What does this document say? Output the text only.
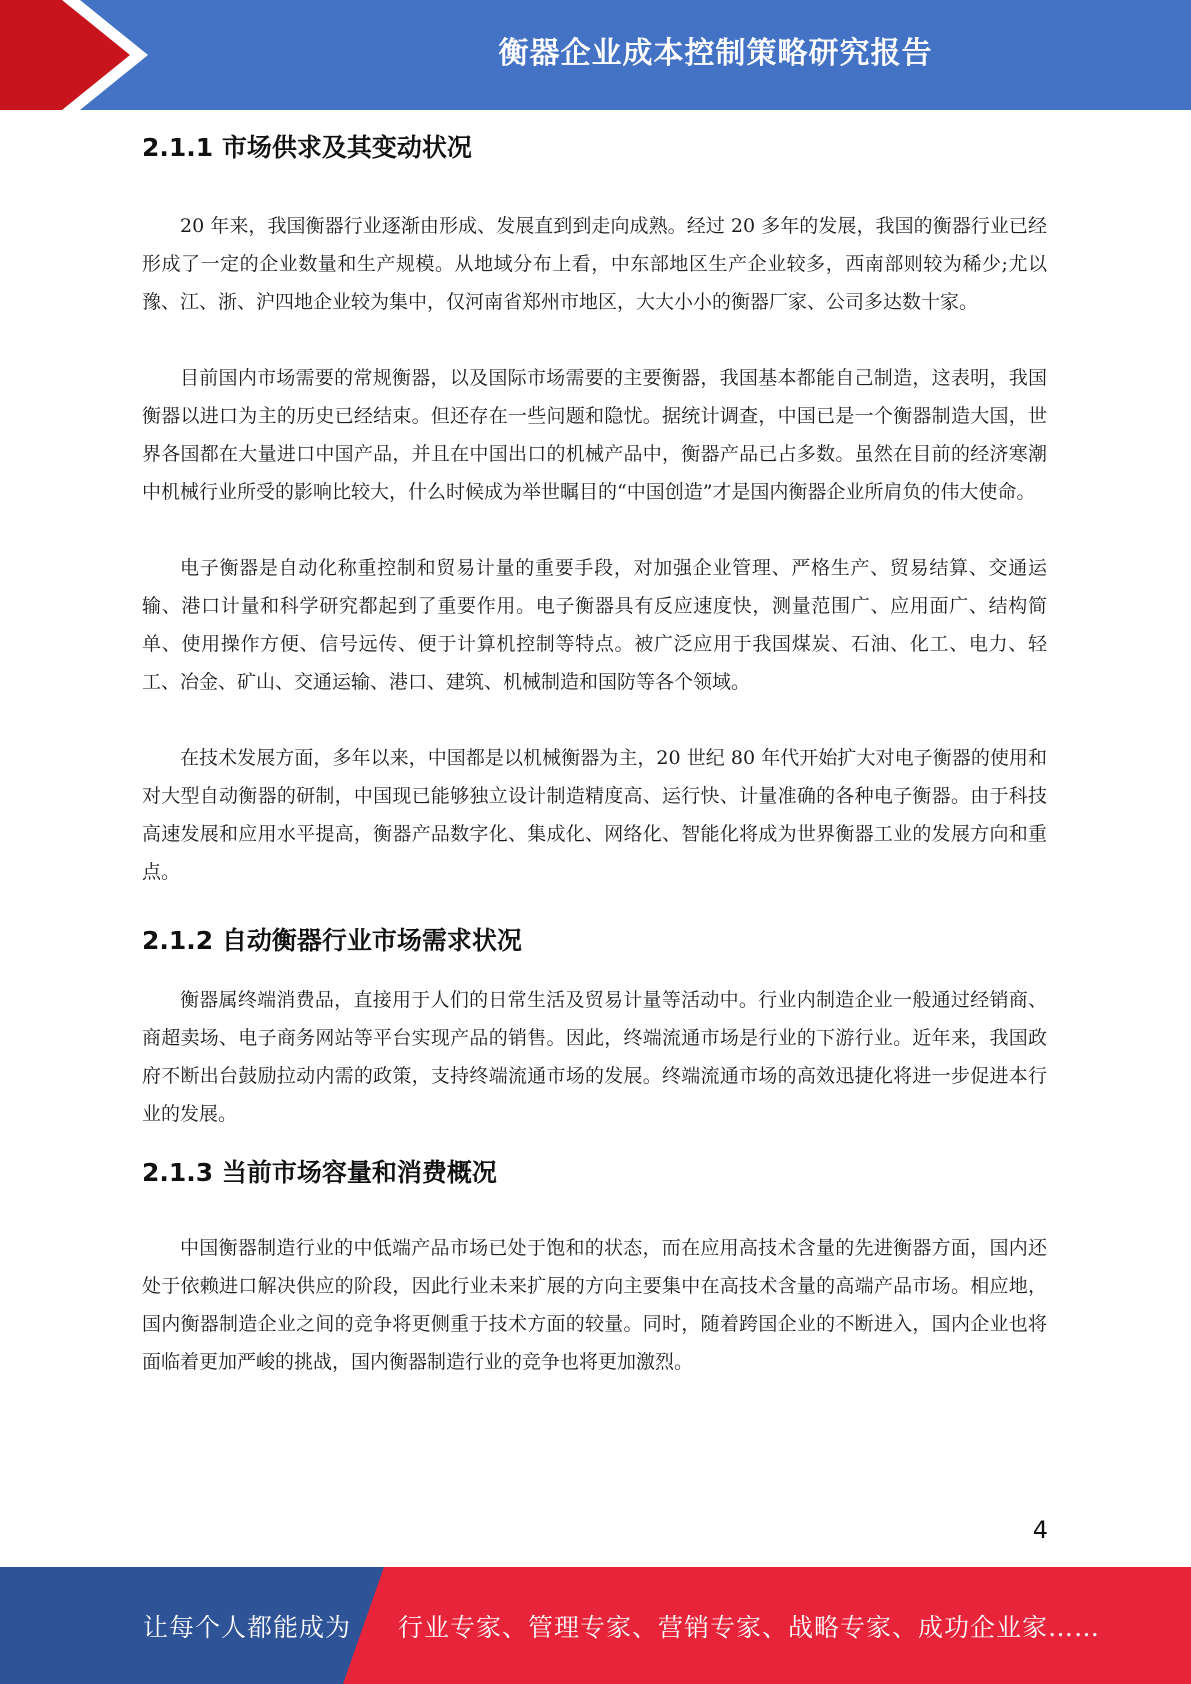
衡器企业成本控制策略研究报告
2.1.1 市场供求及其变动状况

20 年来，我国衡器行业逐渐由形成、发展直到到走向成熟。经过 20 多年的发展，我国的衡器行业已经形成了一定的企业数量和生产规模。从地域分布上看，中东部地区生产企业较多，西南部则较为稀少;尤以豫、江、浙、沪四地企业较为集中，仅河南省郑州市地区，大大小小的衡器厂家、公司多达数十家。

目前国内市场需要的常规衡器，以及国际市场需要的主要衡器，我国基本都能自己制造，这表明，我国衡器以进口为主的历史已经结束。但还存在一些问题和隐忧。据统计调查，中国已是一个衡器制造大国，世界各国都在大量进口中国产品，并且在中国出口的机械产品中，衡器产品已占多数。虽然在目前的经济寒潮中机械行业所受的影响比较大，什么时候成为举世瞩目的“中国创造”才是国内衡器企业所肩负的伟大使命。

电子衡器是自动化称重控制和贸易计量的重要手段，对加强企业管理、严格生产、贸易结算、交通运输、港口计量和科学研究都起到了重要作用。电子衡器具有反应速度快，测量范围广、应用面广、结构简单、使用操作方便、信号远传、便于计算机控制等特点。被广泛应用于我国煤炭、石油、化工、电力、轻工、冶金、矿山、交通运输、港口、建筑、机械制造和国防等各个领域。

在技术发展方面，多年以来，中国都是以机械衡器为主，20 世纪 80 年代开始扩大对电子衡器的使用和对大型自动衡器的研制，中国现已能够独立设计制造精度高、运行快、计量准确的各种电子衡器。由于科技高速发展和应用水平提高，衡器产品数字化、集成化、网络化、智能化将成为世界衡器工业的发展方向和重点。

2.1.2 自动衡器行业市场需求状况

衡器属终端消费品，直接用于人们的日常生活及贸易计量等活动中。行业内制造企业一般通过经销商、商超卖场、电子商务网站等平台实现产品的销售。因此，终端流通市场是行业的下游行业。近年来，我国政府不断出台鼓励拉动内需的政策，支持终端流通市场的发展。终端流通市场的高效迅捷化将进一步促进本行业的发展。

2.1.3 当前市场容量和消费概况

中国衡器制造行业的中低端产品市场已处于饱和的状态，而在应用高技术含量的先进衡器方面，国内还处于依赖进口解决供应的阶段，因此行业未来扩展的方向主要集中在高技术含量的高端产品市场。相应地，国内衡器制造企业之间的竞争将更侧重于技术方面的较量。同时，随着跨国企业的不断进入，国内企业也将面临着更加严峻的挑战，国内衡器制造行业的竞争也将更加激烈。

4
让每个人都能成为 行业专家、管理专家、营销专家、战略专家、成功企业家……
